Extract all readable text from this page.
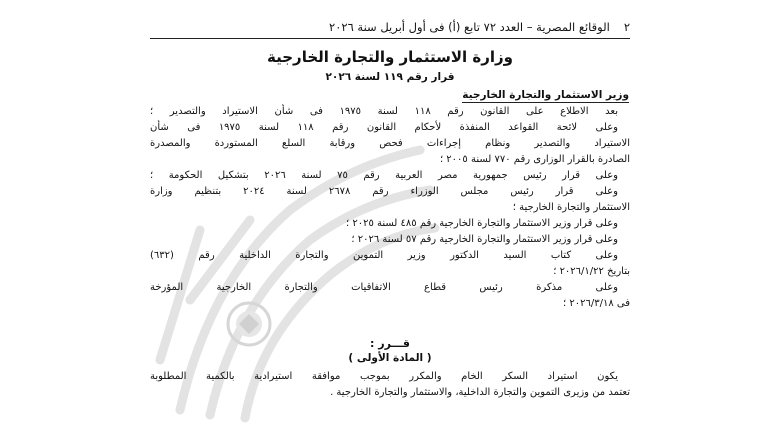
٢
الوقائع المصرية – العدد ٧٢ تابع (أ) فى أول أبريل سنة ٢٠٢٦
وزارة الاستثمار والتجارة الخارجية
قرار رقم ١١٩ لسنة ٢٠٢٦
وزير الاستثمار والتجارة الخارجية
بعد الاطلاع على القانون رقم ١١٨ لسنة ١٩٧٥ فى شأن الاستيراد والتصدير ؛
وعلى لائحة القواعد المنفذة لأحكام القانون رقم ١١٨ لسنة ١٩٧٥ فى شأن
الاستيراد والتصدير ونظام إجراءات فحص ورقابة السلع المستوردة والمصدرة
الصادرة بالقرار الوزارى رقم ٧٧٠ لسنة ٢٠٠٥ ؛
وعلى قرار رئيس جمهورية مصر العربية رقم ٧٥ لسنة ٢٠٢٦ بتشكيل الحكومة ؛
وعلى قرار رئيس مجلس الوزراء رقم ٢٦٧٨ لسنة ٢٠٢٤ بتنظيم وزارة
الاستثمار والتجارة الخارجية ؛
وعلى قرار وزير الاستثمار والتجارة الخارجية رقم ٤٨٥ لسنة ٢٠٢٥ ؛
وعلى قرار وزير الاستثمار والتجارة الخارجية رقم ٥٧ لسنة ٢٠٢٦ ؛
وعلى كتاب السيد الدكتور وزير التموين والتجارة الداخلية رقم (٦٣٢)
بتاريخ ٢٠٢٦/١/٢٢ ؛
وعلى مذكرة رئيس قطاع الاتفاقيات والتجارة الخارجية المؤرخة
فى ٢٠٢٦/٣/١٨ ؛
قـــرر :
( المادة الأولى )
يكون استيراد السكر الخام والمكرر بموجب موافقة استيرادية بالكمية المطلوبة
تعتمد من وزيرى التموين والتجارة الداخلية، والاستثمار والتجارة الخارجية .
